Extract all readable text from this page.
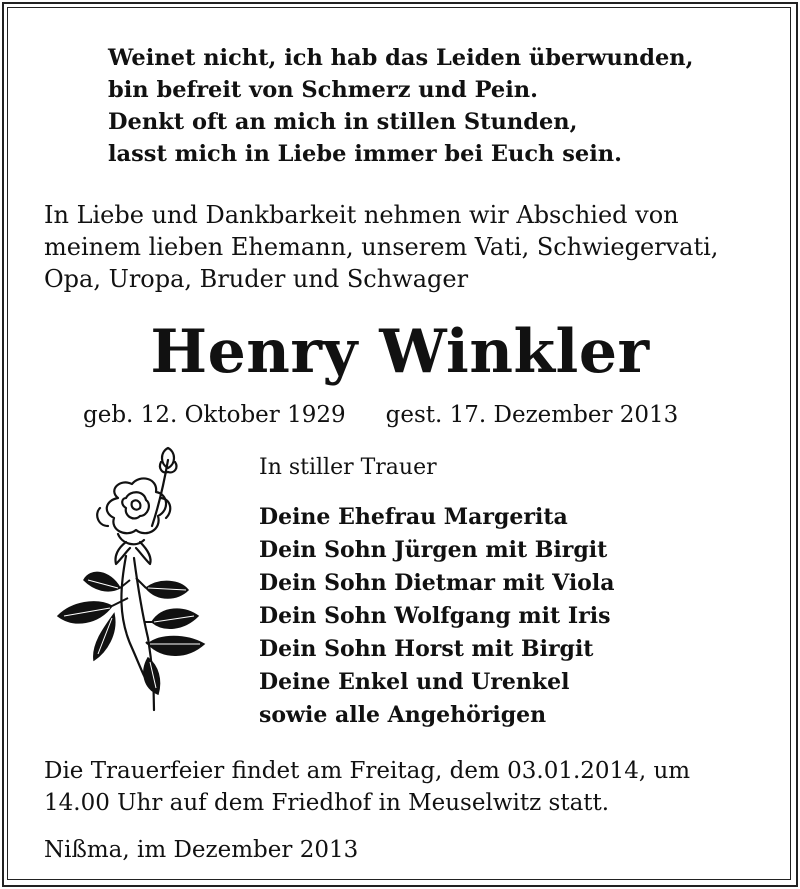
Weinet nicht, ich hab das Leiden überwunden,
bin befreit von Schmerz und Pein.
Denkt oft an mich in stillen Stunden,
lasst mich in Liebe immer bei Euch sein.
In Liebe und Dankbarkeit nehmen wir Abschied von
meinem lieben Ehemann, unserem Vati, Schwiegervati,
Opa, Uropa, Bruder und Schwager
Henry Winkler
geb. 12. Oktober 1929 gest. 17. Dezember 2013
In stiller Trauer
Deine Ehefrau Margerita
Dein Sohn Jürgen mit Birgit
Dein Sohn Dietmar mit Viola
Dein Sohn Wolfgang mit Iris
Dein Sohn Horst mit Birgit
Deine Enkel und Urenkel
sowie alle Angehörigen
Die Trauerfeier findet am Freitag, dem 03.01.2014, um
14.00 Uhr auf dem Friedhof in Meuselwitz statt.
Nißma, im Dezember 2013
